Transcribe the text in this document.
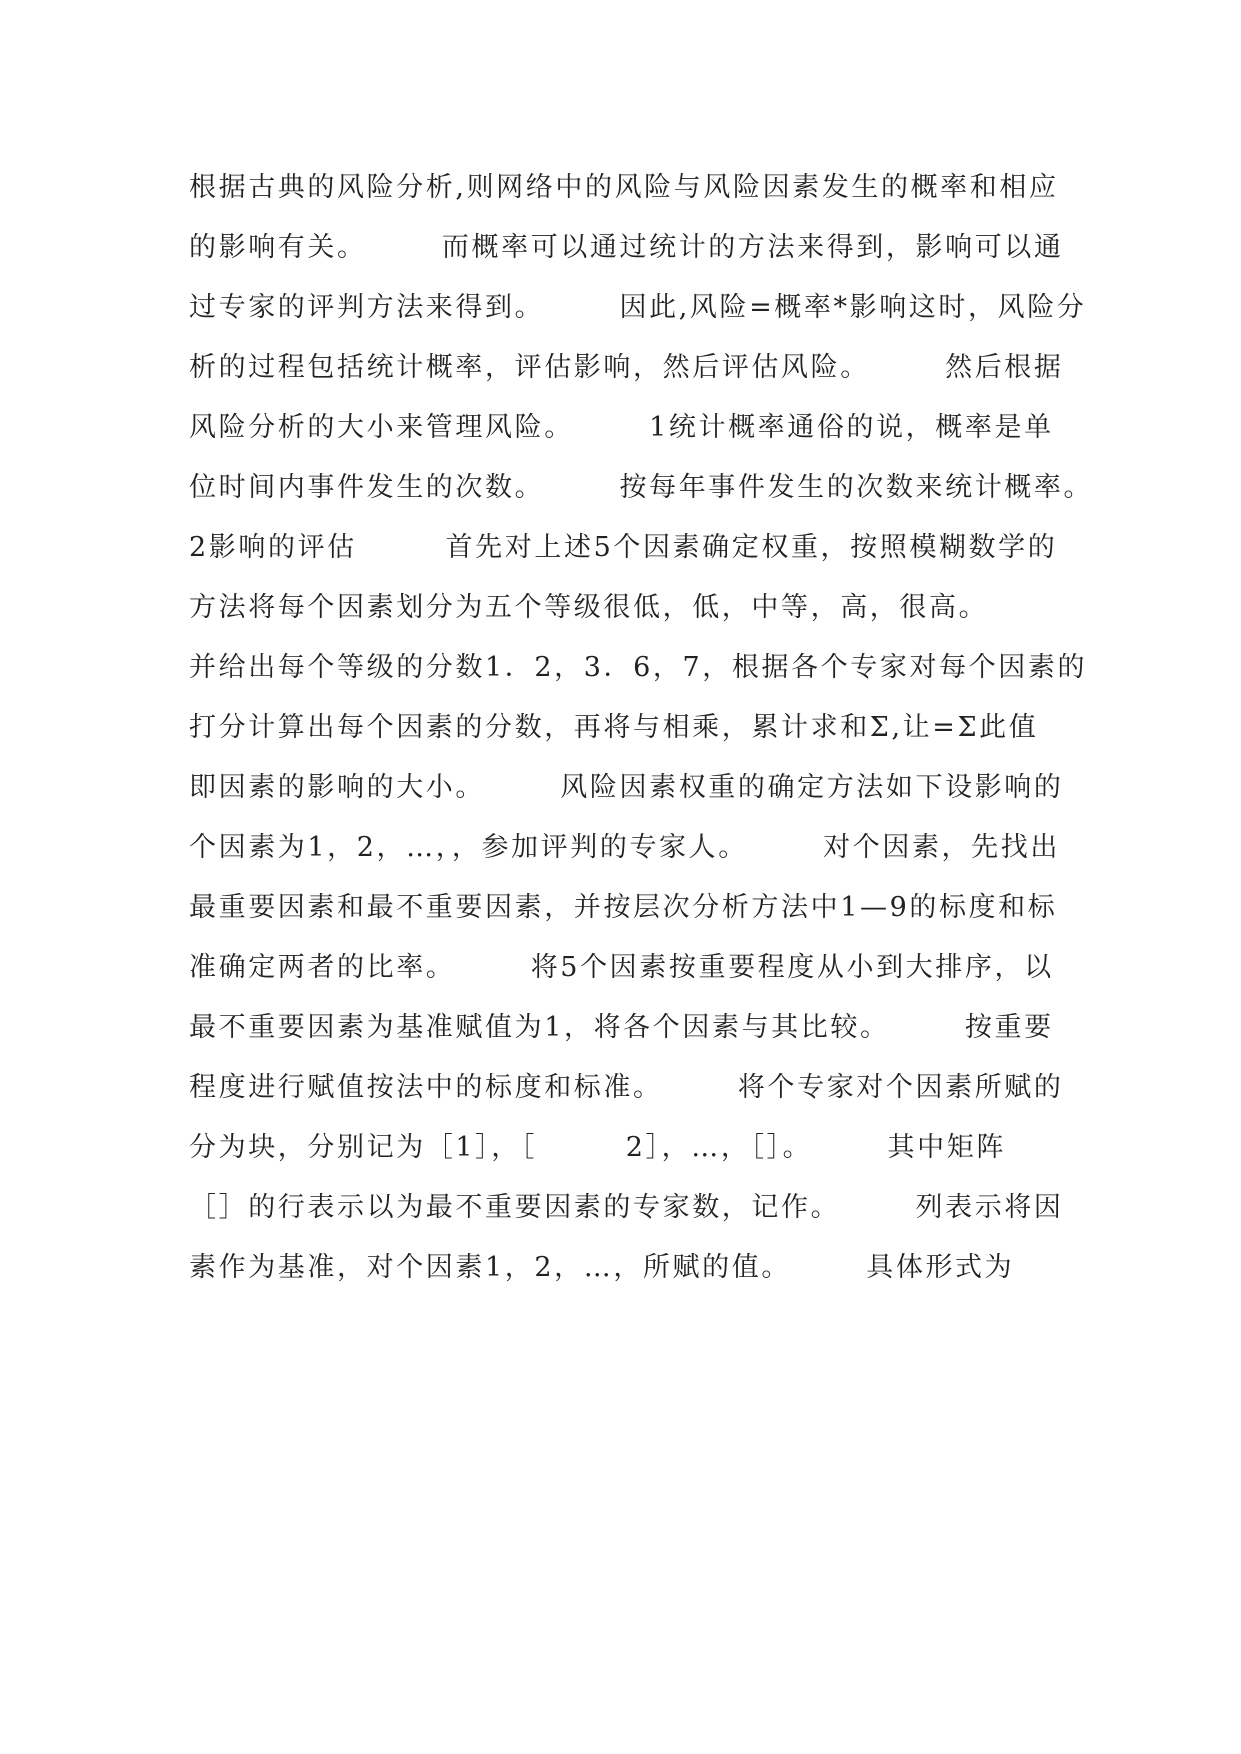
根据古典的风险分析,则网络中的风险与风险因素发生的概率和相应
的影响有关。　　　而概率可以通过统计的方法来得到，影响可以通
过专家的评判方法来得到。　　　因此,风险=概率*影响这时，风险分
析的过程包括统计概率，评估影响，然后评估风险。　　　然后根据
风险分析的大小来管理风险。　　　1统计概率通俗的说，概率是单
位时间内事件发生的次数。　　　按每年事件发生的次数来统计概率。
2影响的评估　　　首先对上述5个因素确定权重，按照模糊数学的
方法将每个因素划分为五个等级很低，低，中等，高，很高。
并给出每个等级的分数1．2，3．6，7，根据各个专家对每个因素的
打分计算出每个因素的分数，再将与相乘，累计求和Σ,让=Σ此值
即因素的影响的大小。　　　风险因素权重的确定方法如下设影响的
个因素为1，2，…，，参加评判的专家人。　　　对个因素，先找出
最重要因素和最不重要因素，并按层次分析方法中1—9的标度和标
准确定两者的比率。　　　将5个因素按重要程度从小到大排序，以
最不重要因素为基准赋值为1，将各个因素与其比较。　　　按重要
程度进行赋值按法中的标度和标准。　　　将个专家对个因素所赋的
分为块，分别记为［1］，［　　　2］，…，［］。　　　其中矩阵
［］的行表示以为最不重要因素的专家数，记作。　　　列表示将因
素作为基准，对个因素1，2，…，所赋的值。　　　具体形式为
